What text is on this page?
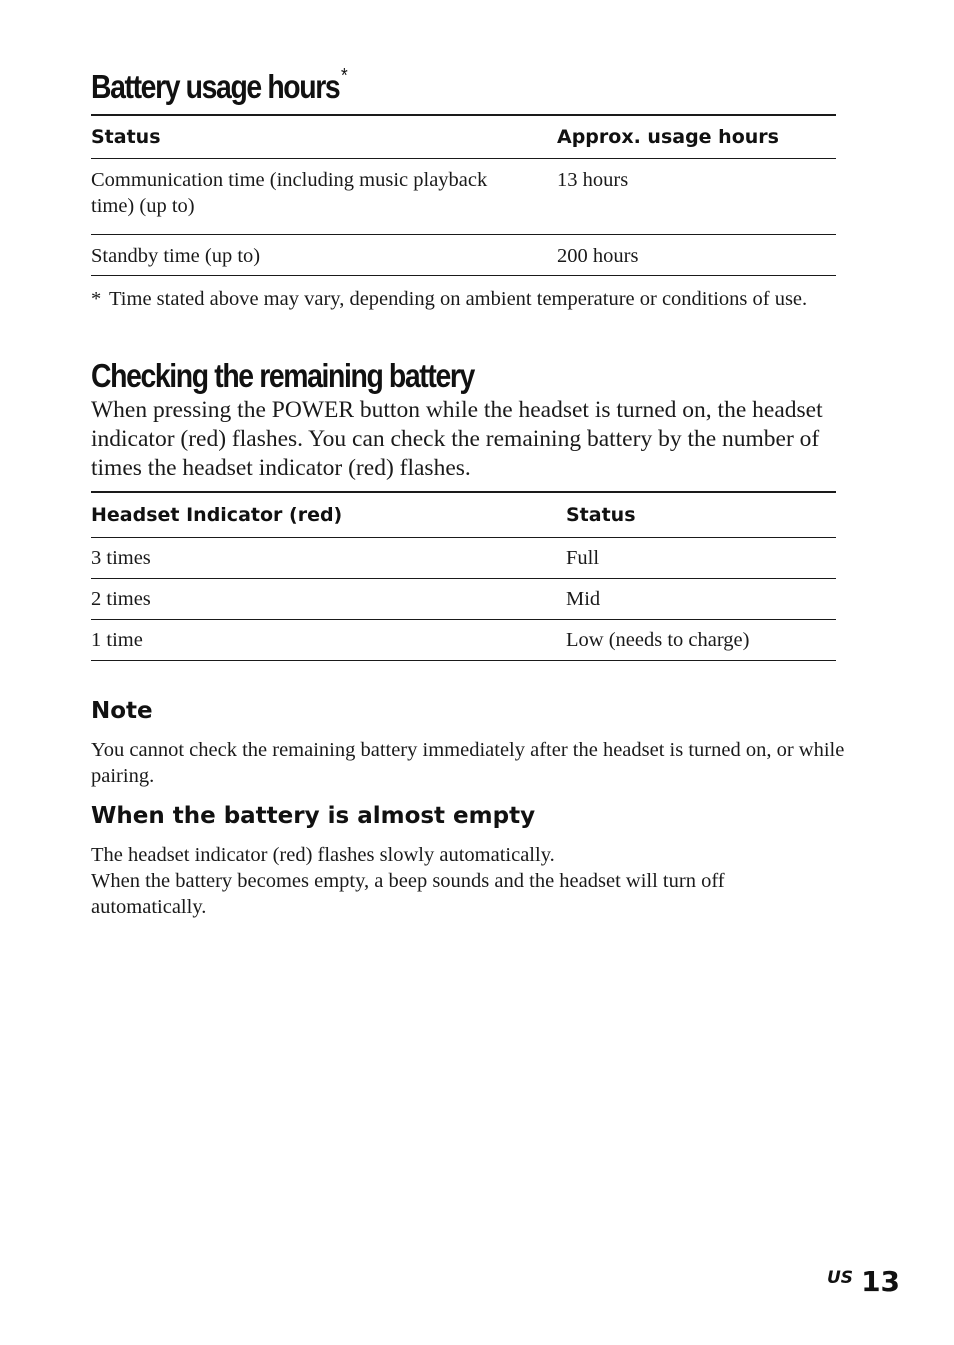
Battery usage hours*
Status	Approx. usage hours
Communication time (including music playback time) (up to)	13 hours
Standby time (up to)	200 hours
* Time stated above may vary, depending on ambient temperature or conditions of use.
Checking the remaining battery
When pressing the POWER button while the headset is turned on, the headset indicator (red) flashes. You can check the remaining battery by the number of times the headset indicator (red) flashes.
Headset Indicator (red)	Status
3 times	Full
2 times	Mid
1 time	Low (needs to charge)
Note
You cannot check the remaining battery immediately after the headset is turned on, or while pairing.
When the battery is almost empty
The headset indicator (red) flashes slowly automatically.
When the battery becomes empty, a beep sounds and the headset will turn off automatically.
US 13
